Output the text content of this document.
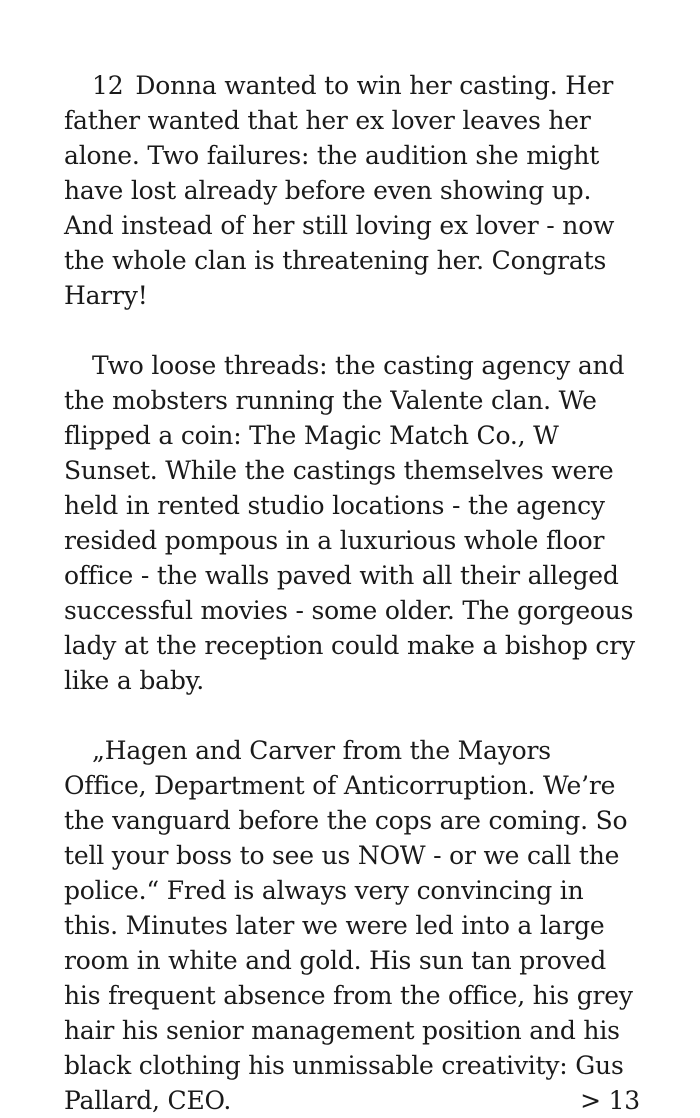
12 Donna wanted to win her casting. Her father wanted that her ex lover leaves her alone. Two failures: the audition she might have lost already before even showing up. And instead of her still loving ex lover - now the whole clan is threatening her. Congrats Harry!

Two loose threads: the casting agency and the mobsters running the Valente clan. We flipped a coin: The Magic Match Co., W Sunset. While the castings themselves were held in rented studio locations - the agency resided pompous in a luxurious whole floor office - the walls paved with all their alleged successful movies - some older. The gorgeous lady at the reception could make a bishop cry like a baby.

„Hagen and Carver from the Mayors Office, Department of Anticorruption. We’re the vanguard before the cops are coming. So tell your boss to see us NOW - or we call the police.“ Fred is always very convincing in this. Minutes later we were led into a large room in white and gold. His sun tan proved his frequent absence from the office, his grey hair his senior management position and his black clothing his unmissable creativity: Gus Pallard, CEO.	> 13
